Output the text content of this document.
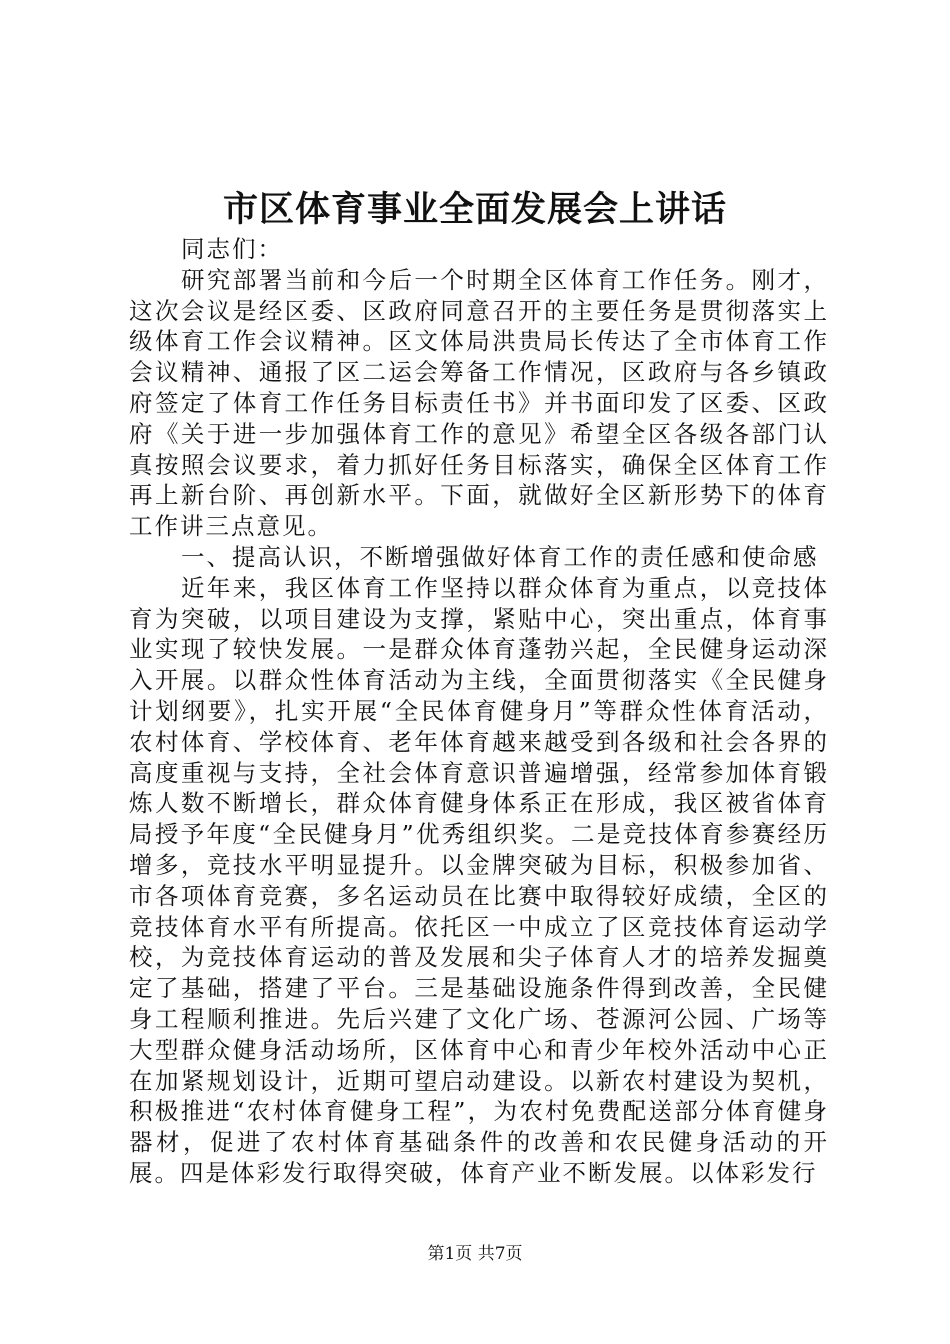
市区体育事业全面发展会上讲话

同志们：

研究部署当前和今后一个时期全区体育工作任务。刚才，这次会议是经区委、区政府同意召开的主要任务是贯彻落实上级体育工作会议精神。区文体局洪贵局长传达了全市体育工作会议精神、通报了区二运会筹备工作情况，区政府与各乡镇政府签定了体育工作任务目标责任书》并书面印发了区委、区政府《关于进一步加强体育工作的意见》希望全区各级各部门认真按照会议要求，着力抓好任务目标落实，确保全区体育工作再上新台阶、再创新水平。下面，就做好全区新形势下的体育工作讲三点意见。

一、提高认识，不断增强做好体育工作的责任感和使命感

近年来，我区体育工作坚持以群众体育为重点，以竞技体育为突破，以项目建设为支撑，紧贴中心，突出重点，体育事业实现了较快发展。一是群众体育蓬勃兴起，全民健身运动深入开展。以群众性体育活动为主线，全面贯彻落实《全民健身计划纲要》，扎实开展“全民体育健身月”等群众性体育活动，农村体育、学校体育、老年体育越来越受到各级和社会各界的高度重视与支持，全社会体育意识普遍增强，经常参加体育锻炼人数不断增长，群众体育健身体系正在形成，我区被省体育局授予年度“全民健身月”优秀组织奖。二是竞技体育参赛经历增多，竞技水平明显提升。以金牌突破为目标，积极参加省、市各项体育竞赛，多名运动员在比赛中取得较好成绩，全区的竞技体育水平有所提高。依托区一中成立了区竞技体育运动学校，为竞技体育运动的普及发展和尖子体育人才的培养发掘奠定了基础，搭建了平台。三是基础设施条件得到改善，全民健身工程顺利推进。先后兴建了文化广场、苍源河公园、广场等大型群众健身活动场所，区体育中心和青少年校外活动中心正在加紧规划设计，近期可望启动建设。以新农村建设为契机，积极推进“农村体育健身工程”，为农村免费配送部分体育健身器材，促进了农村体育基础条件的改善和农民健身活动的开展。四是体彩发行取得突破，体育产业不断发展。以体彩发行

第1页 共7页
